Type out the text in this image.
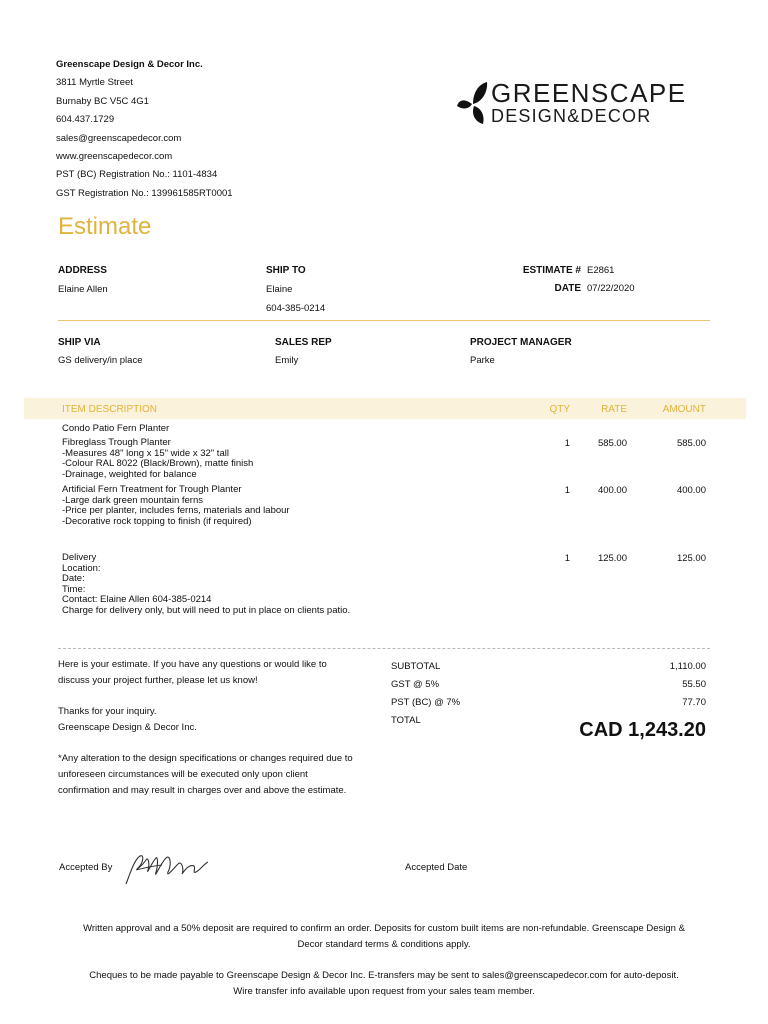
Greenscape Design & Decor Inc.
3811 Myrtle Street
Burnaby BC V5C 4G1
604.437.1729
sales@greenscapedecor.com
www.greenscapedecor.com
PST (BC) Registration No.: 1101-4834
GST Registration No.: 139961585RT0001
GREENSCAPE
DESIGN&DECOR
Estimate
ADDRESS
Elaine Allen
SHIP TO
Elaine
604-385-0214
ESTIMATE # E2861
DATE 07/22/2020
SHIP VIA
GS delivery/in place
SALES REP
Emily
PROJECT MANAGER
Parke
ITEM DESCRIPTION	QTY	RATE	AMOUNT
Condo Patio Fern Planter
Fibreglass Trough Planter
-Measures 48" long x 15" wide x 32" tall
-Colour RAL 8022 (Black/Brown), matte finish
-Drainage, weighted for balance
1	585.00	585.00
Artificial Fern Treatment for Trough Planter
-Large dark green mountain ferns
-Price per planter, includes ferns, materials and labour
-Decorative rock topping to finish (if required)
1	400.00	400.00
Delivery
Location:
Date:
Time:
Contact: Elaine Allen 604-385-0214
Charge for delivery only, but will need to put in place on clients patio.
1	125.00	125.00
Here is your estimate. If you have any questions or would like to
discuss your project further, please let us know!
Thanks for your inquiry.
Greenscape Design & Decor Inc.
*Any alteration to the design specifications or changes required due to
unforeseen circumstances will be executed only upon client
confirmation and may result in charges over and above the estimate.
SUBTOTAL	1,110.00
GST @ 5%	55.50
PST (BC) @ 7%	77.70
TOTAL	CAD 1,243.20
Accepted By	Accepted Date
Written approval and a 50% deposit are required to confirm an order. Deposits for custom built items are non-refundable. Greenscape Design &
Decor standard terms & conditions apply.
Cheques to be made payable to Greenscape Design & Decor Inc. E-transfers may be sent to sales@greenscapedecor.com for auto-deposit.
Wire transfer info available upon request from your sales team member.
